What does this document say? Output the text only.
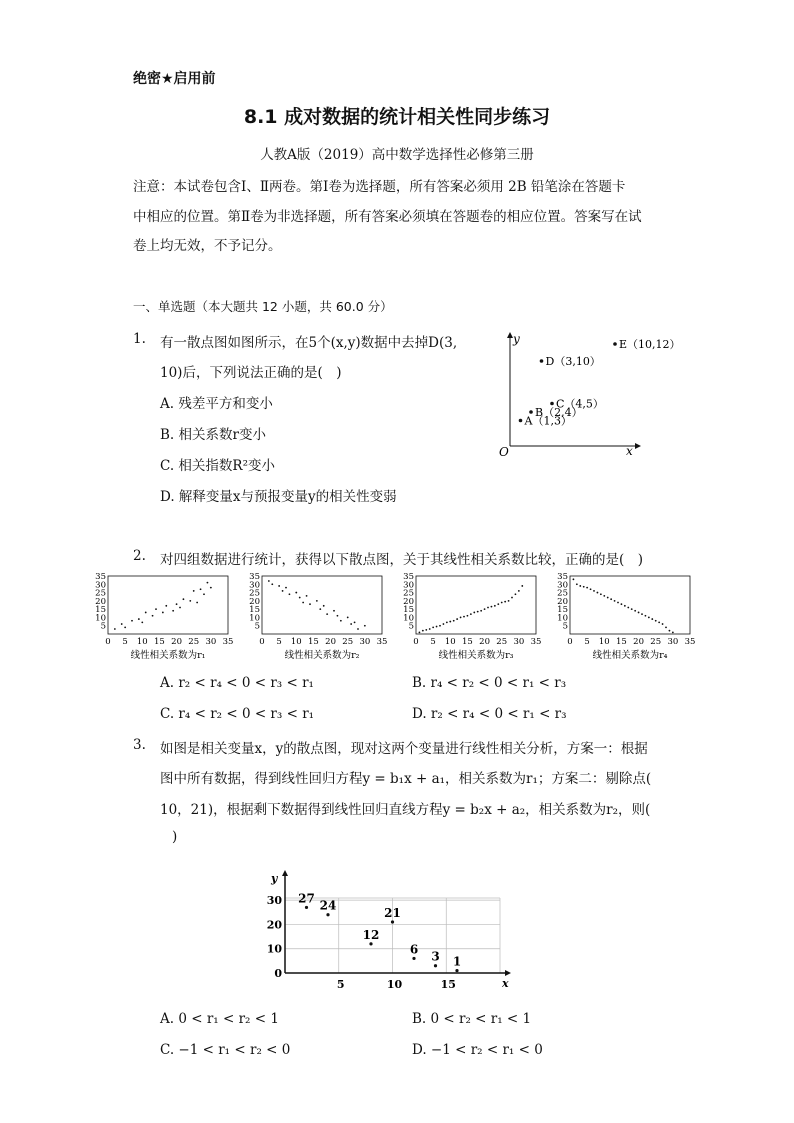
绝密★启用前
8.1 成对数据的统计相关性同步练习
人教A版（2019）高中数学选择性必修第三册
注意：本试卷包含Ⅰ、Ⅱ两卷。第Ⅰ卷为选择题，所有答案必须用 2B 铅笔涂在答题卡
中相应的位置。第Ⅱ卷为非选择题，所有答案必须填在答题卷的相应位置。答案写在试
卷上均无效，不予记分。
一、单选题（本大题共 12 小题，共 60.0 分）
1. 有一散点图如图所示，在5个(x,y)数据中去掉D(3,
10)后，下列说法正确的是(　)
A. 残差平方和变小
B. 相关系数r变小
C. 相关指数R²变小
D. 解释变量x与预报变量y的相关性变弱
O	x
y
A（1,3）
B（2,4）
C（4,5）
D（3,10）
E（10,12）
2. 对四组数据进行统计，获得以下散点图，关于其线性相关系数比较，正确的是(　)
0 5 10 15 20 25 30 35
5
10
15
20
25
30
35
线性相关系数为r₁
0 5 10 15 20 25 30 35
5
10
15
20
25
30
35
线性相关系数为r₂
0 5 10 15 20 25 30 35
5
10
15
20
25
30
35
线性相关系数为r₃
0 5 10 15 20 25 30 35
5
10
15
20
25
30
35
线性相关系数为r₄
A. r₂ < r₄ < 0 < r₃ < r₁	B. r₄ < r₂ < 0 < r₁ < r₃
C. r₄ < r₂ < 0 < r₃ < r₁	D. r₂ < r₄ < 0 < r₁ < r₃
3. 如图是相关变量x，y的散点图，现对这两个变量进行线性相关分析，方案一：根据
图中所有数据，得到线性回归方程y = b₁x + a₁，相关系数为r₁；方案二：剔除点(
10，21)，根据剩下数据得到线性回归直线方程y = b₂x + a₂，相关系数为r₂，则(
)
x
y
0
10
20
30
5	10	15
27
24
12
21
6
3 1
A. 0 < r₁ < r₂ < 1	B. 0 < r₂ < r₁ < 1
C. −1 < r₁ < r₂ < 0	D. −1 < r₂ < r₁ < 0
